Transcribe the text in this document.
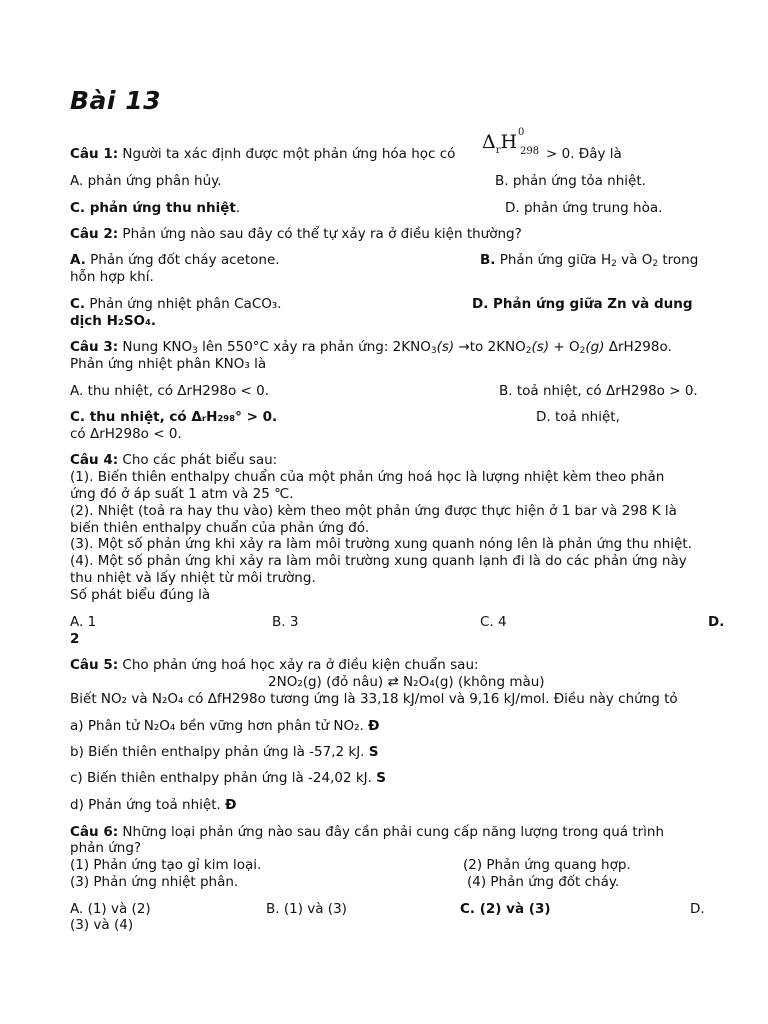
Bài 13
Câu 1: Người ta xác định được một phản ứng hóa học có
$\Delta_rH$ 0
298 > 0. Đây là
A. phản ứng phân hủy.	B. phản ứng tỏa nhiệt.
C. phản ứng thu nhiệt.	D. phản ứng trung hòa.
Câu 2: Phản ứng nào sau đây có thể tự xảy ra ở điều kiện thường?
A. Phản ứng đốt cháy acetone.	B. Phản ứng giữa $H_2$ và $O_2$ trong
hỗn hợp khí.
C. Phản ứng nhiệt phân CaCO₃.	D. Phản ứng giữa Zn và dung
dịch H₂SO₄.
Câu 3: Nung $KNO_3$ lên 550°C xảy ra phản ứng: $2KNO_3(s) \to to$ $2KNO_2(s) + O_2(g)$ ΔrH298o.
Phản ứng nhiệt phân KNO₃ là
A. thu nhiệt, có ΔrH298o < 0.	B. toả nhiệt, có ΔrH298o > 0.
C. thu nhiệt, có ΔᵣH₂₉₈° > 0.	D. toả nhiệt,
có ΔrH298o < 0.
Câu 4: Cho các phát biểu sau:
(1). Biến thiên enthalpy chuẩn của một phản ứng hoá học là lượng nhiệt kèm theo phản
ứng đó ở áp suất 1 atm và 25 ℃.
(2). Nhiệt (toả ra hay thu vào) kèm theo một phản ứng được thực hiện ở 1 bar và 298 K là
biến thiên enthalpy chuẩn của phản ứng đó.
(3). Một số phản ứng khi xảy ra làm môi trường xung quanh nóng lên là phản ứng thu nhiệt.
(4). Một số phản ứng khi xảy ra làm môi trường xung quanh lạnh đi là do các phản ứng này
thu nhiệt và lấy nhiệt từ môi trường.
Số phát biểu đúng là
A. 1	B. 3	C. 4	D.
2
Câu 5: Cho phản ứng hoá học xảy ra ở điều kiện chuẩn sau:
2NO₂(g) (đỏ nâu) ⇄ N₂O₄(g) (không màu)
Biết NO₂ và N₂O₄ có ΔfH298o tương ứng là 33,18 kJ/mol và 9,16 kJ/mol. Điều này chứng tỏ
a) Phân tử N₂O₄ bền vững hơn phân tử NO₂. Đ
b) Biến thiên enthalpy phản ứng là -57,2 kJ. S
c) Biến thiên enthalpy phản ứng là -24,02 kJ. S
d) Phản ứng toả nhiệt. Đ
Câu 6: Những loại phản ứng nào sau đây cần phải cung cấp năng lượng trong quá trình
phản ứng?
(1) Phản ứng tạo gỉ kim loại.	(2) Phản ứng quang hợp.
(3) Phản ứng nhiệt phân.	(4) Phản ứng đốt cháy.
A. (1) và (2)	B. (1) và (3)	C. (2) và (3)	D.
(3) và (4)
